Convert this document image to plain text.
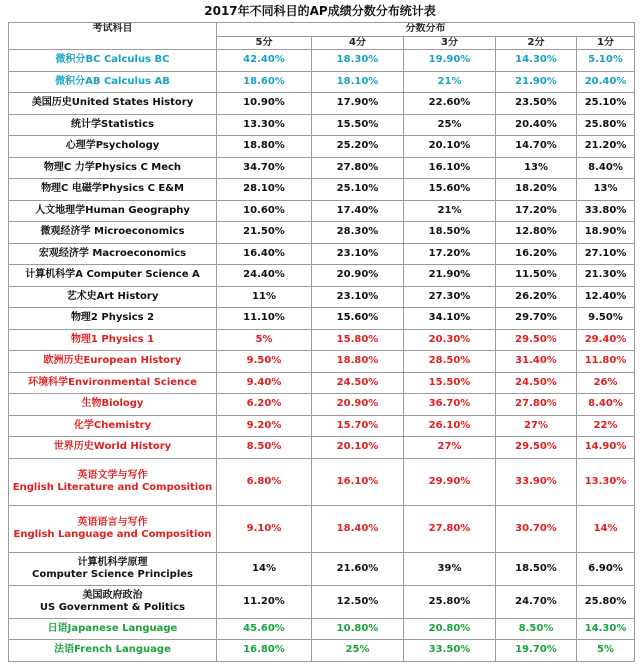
2017年不同科目的AP成绩分数分布统计表
考试科目	分数分布				
	5分	4分	3分	2分	1分

微积分BC Calculus BC	42.40%	18.30%	19.90%	14.30%	5.10%

微积分AB Calculus AB	18.60%	18.10%	21%	21.90%	20.40%

美国历史United States History	10.90%	17.90%	22.60%	23.50%	25.10%

统计学Statistics	13.30%	15.50%	25%	20.40%	25.80%

心理学Psychology	18.80%	25.20%	20.10%	14.70%	21.20%

物理C 力学Physics C Mech	34.70%	27.80%	16.10%	13%	8.40%

物理C 电磁学Physics C E&M	28.10%	25.10%	15.60%	18.20%	13%

人文地理学Human Geography	10.60%	17.40%	21%	17.20%	33.80%

微观经济学 Microeconomics	21.50%	28.30%	18.50%	12.80%	18.90%

宏观经济学 Macroeconomics	16.40%	23.10%	17.20%	16.20%	27.10%

计算机科学A Computer Science A	24.40%	20.90%	21.90%	11.50%	21.30%

艺术史Art History	11%	23.10%	27.30%	26.20%	12.40%

物理2 Physics 2	11.10%	15.60%	34.10%	29.70%	9.50%

物理1 Physics 1	5%	15.80%	20.30%	29.50%	29.40%

欧洲历史European History	9.50%	18.80%	28.50%	31.40%	11.80%

环境科学Environmental Science	9.40%	24.50%	15.50%	24.50%	26%

生物Biology	6.20%	20.90%	36.70%	27.80%	8.40%

化学Chemistry	9.20%	15.70%	26.10%	27%	22%

世界历史World History	8.50%	20.10%	27%	29.50%	14.90%

英语文学与写作
English Literature and Composition	6.80%	16.10%	29.90%	33.90%	13.30%

英语语言与写作
English Language and Composition	9.10%	18.40%	27.80%	30.70%	14%

计算机科学原理
Computer Science Principles	14%	21.60%	39%	18.50%	6.90%

美国政府政治
US Government & Politics	11.20%	12.50%	25.80%	24.70%	25.80%

日语Japanese Language	45.60%	10.80%	20.80%	8.50%	14.30%

法语French Language	16.80%	25%	33.50%	19.70%	5%
